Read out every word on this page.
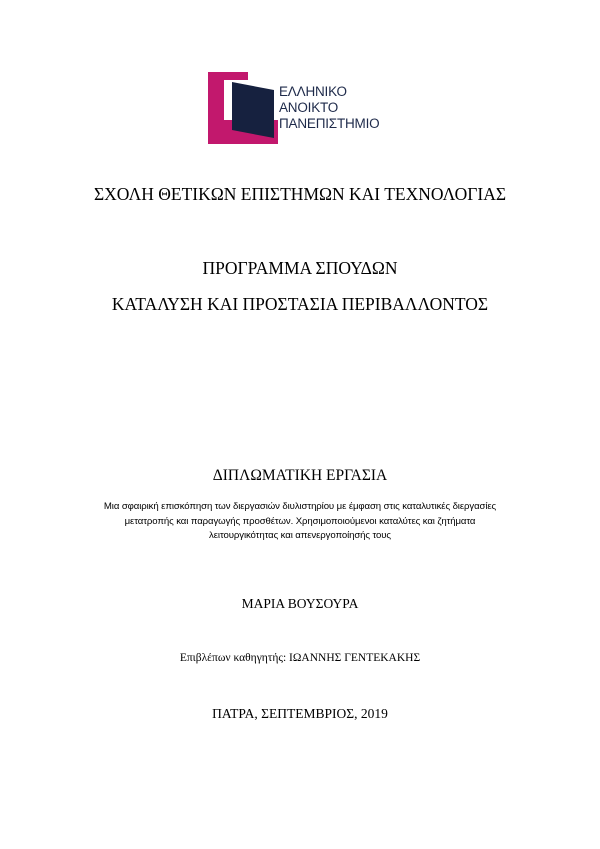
ΕΛΛΗΝΙΚΟ
ΑΝΟΙΚΤΟ
ΠΑΝΕΠΙΣΤΗΜΙΟ
ΣΧΟΛΗ ΘΕΤΙΚΩΝ ΕΠΙΣΤΗΜΩΝ ΚΑΙ ΤΕΧΝΟΛΟΓΙΑΣ
ΠΡΟΓΡΑΜΜΑ ΣΠΟΥΔΩΝ
ΚΑΤΑΛΥΣΗ ΚΑΙ ΠΡΟΣΤΑΣΙΑ ΠΕΡΙΒΑΛΛΟΝΤΟΣ
ΔΙΠΛΩΜΑΤΙΚΗ ΕΡΓΑΣΙΑ
Μια σφαιρική επισκόπηση των διεργασιών διυλιστηρίου με έμφαση στις καταλυτικές διεργασίες
μετατροπής και παραγωγής προσθέτων. Χρησιμοποιούμενοι καταλύτες και ζητήματα
λειτουργικότητας και απενεργοποίησής τους
ΜΑΡΙΑ ΒΟΥΣΟΥΡΑ
Επιβλέπων καθηγητής: ΙΩΑΝΝΗΣ ΓΕΝΤΕΚΑΚΗΣ
ΠΑΤΡΑ, ΣΕΠΤΕΜΒΡΙΟΣ, 2019
